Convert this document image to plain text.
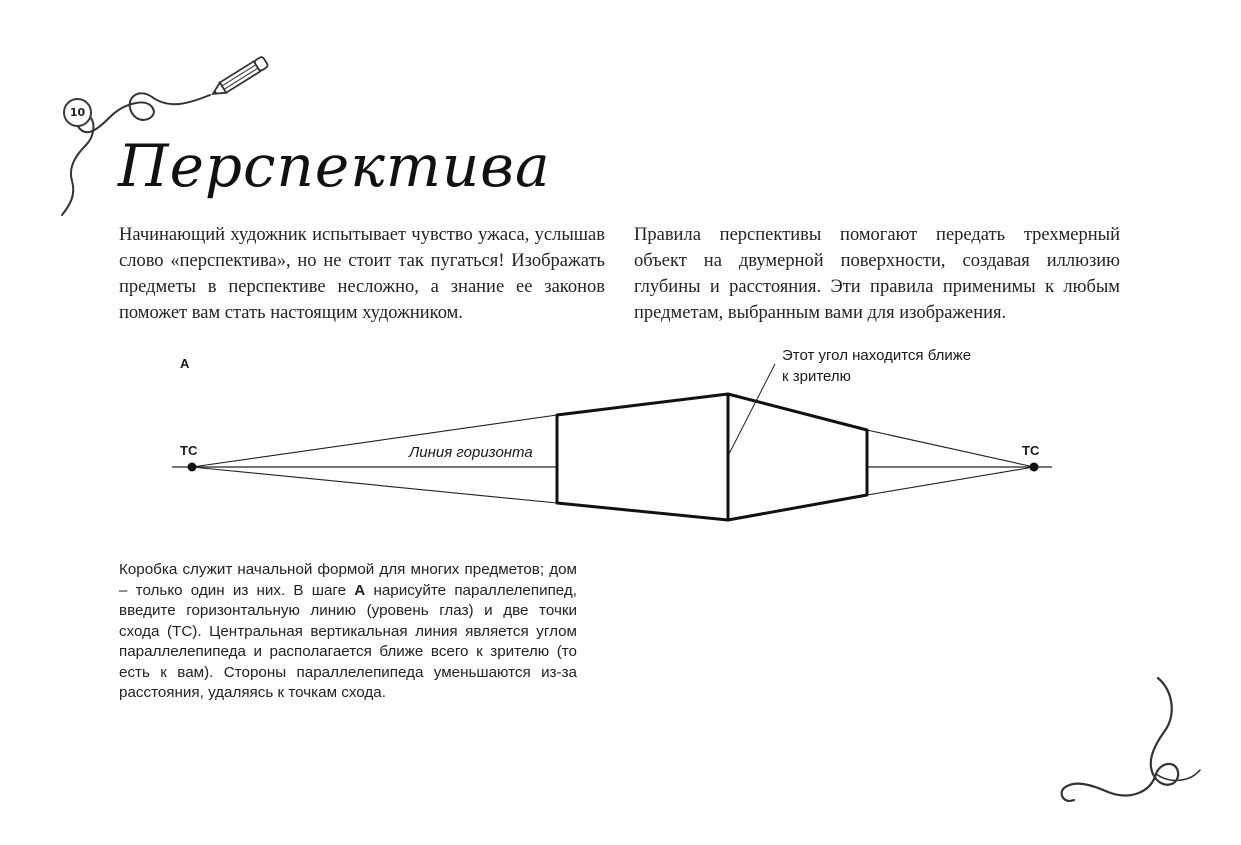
10
Перспектива

Начинающий художник испытывает чувство ужаса, услышав слово «перспектива», но не стоит так пугаться! Изображать предметы в перспективе несложно, а знание ее законов поможет вам стать настоящим художником.

Правила перспективы помогают передать трехмерный объект на двумерной поверхности, создавая иллюзию глубины и расстояния. Эти правила применимы к любым предметам, выбранным вами для изображения.

A
ТС	ТС
Линия горизонта
Этот угол находится ближе
к зрителю

Коробка служит начальной формой для многих предметов; дом – только один из них. В шаге A нарисуйте параллелепипед, введите горизонтальную линию (уровень глаз) и две точки схода (ТС). Центральная вертикальная линия является углом параллелепипеда и располагается ближе всего к зрителю (то есть к вам). Стороны параллелепипеда уменьшаются из-за расстояния, удаляясь к точкам схода.
